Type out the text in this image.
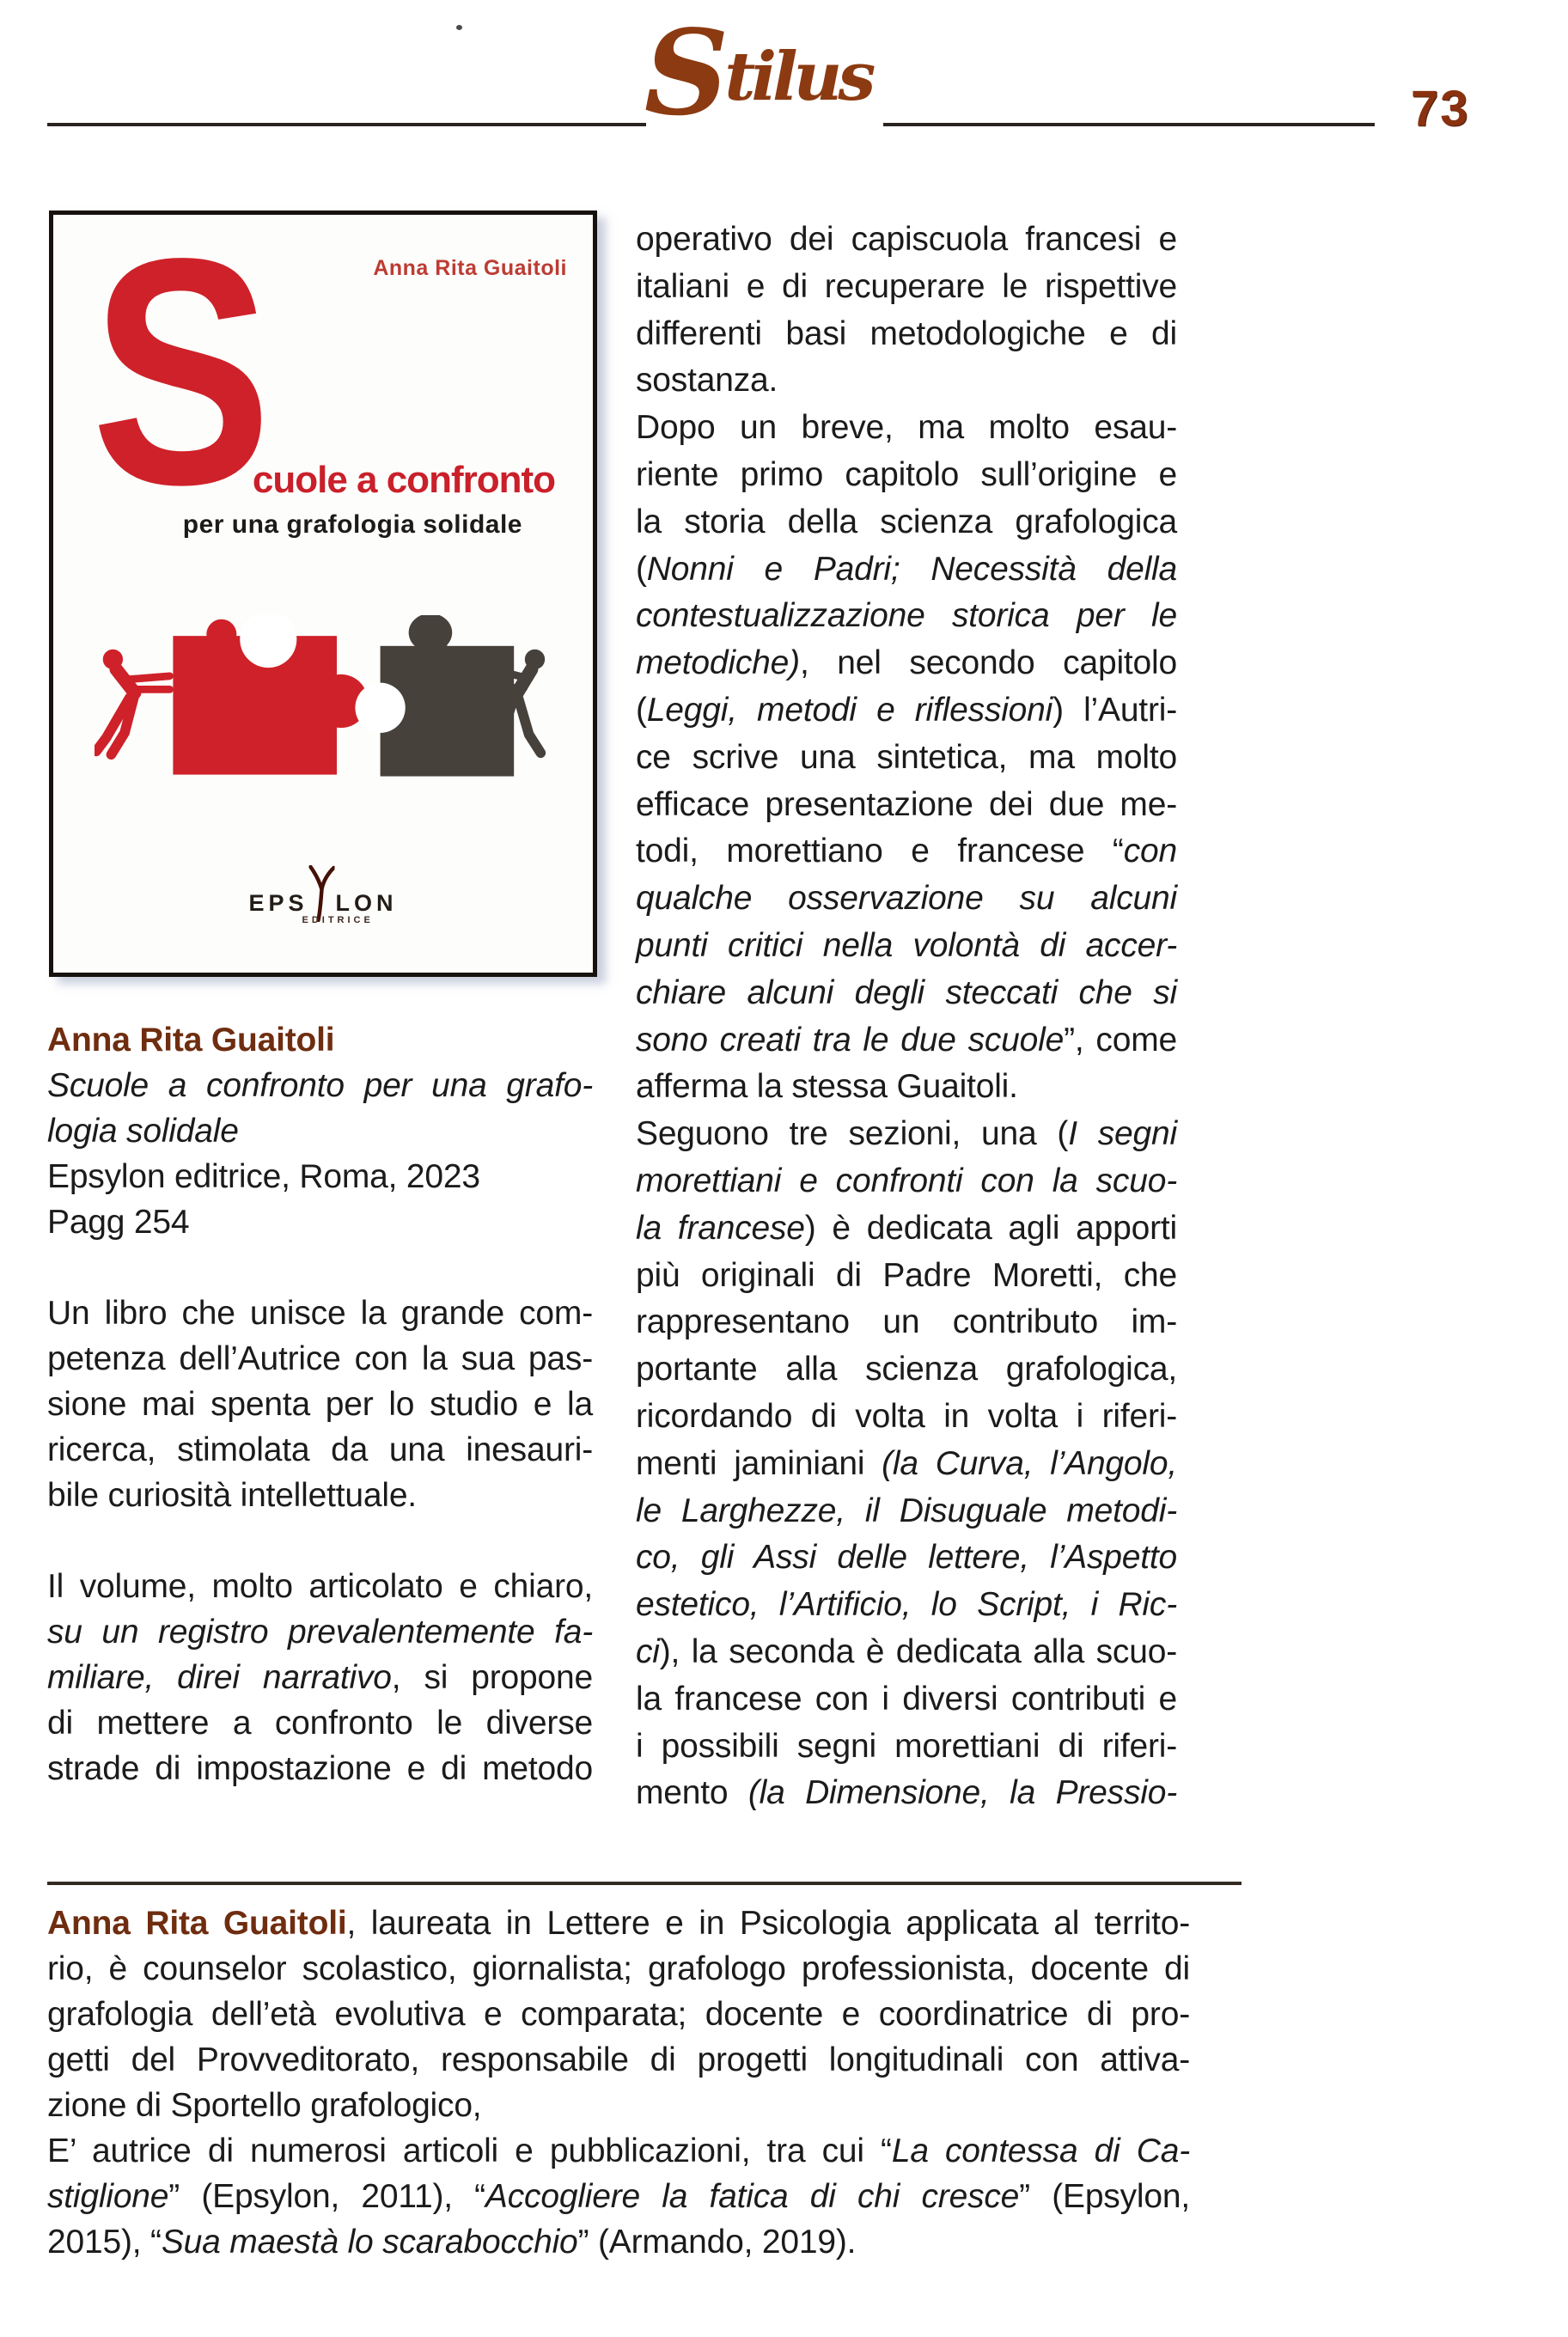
Stilus	73
Anna Rita Guaitoli
S
cuole a confronto
per una grafologia solidale
EPS LON
EDITRICE
Anna Rita Guaitoli
Scuole a confronto per una grafo-
logia solidale
Epsylon editrice, Roma, 2023
Pagg 254
Un libro che unisce la grande com-
petenza dell’Autrice con la sua pas-
sione mai spenta per lo studio e la
ricerca, stimolata da una inesauri-
bile curiosità intellettuale.
Il volume, molto articolato e chiaro,
su un registro prevalentemente fa-
miliare, direi narrativo, si propone
di mettere a confronto le diverse
strade di impostazione e di metodo
operativo dei capiscuola francesi e
italiani e di recuperare le rispettive
differenti basi metodologiche e di
sostanza.
Dopo un breve, ma molto esau-
riente primo capitolo sull’origine e
la storia della scienza grafologica
(Nonni e Padri; Necessità della
contestualizzazione storica per le
metodiche), nel secondo capitolo
(Leggi, metodi e riflessioni) l’Autri-
ce scrive una sintetica, ma molto
efficace presentazione dei due me-
todi, morettiano e francese “con
qualche osservazione su alcuni
punti critici nella volontà di accer-
chiare alcuni degli steccati che si
sono creati tra le due scuole”, come
afferma la stessa Guaitoli.
Seguono tre sezioni, una (I segni
morettiani e confronti con la scuo-
la francese) è dedicata agli apporti
più originali di Padre Moretti, che
rappresentano un contributo im-
portante alla scienza grafologica,
ricordando di volta in volta i riferi-
menti jaminiani (la Curva, l’Angolo,
le Larghezze, il Disuguale metodi-
co, gli Assi delle lettere, l’Aspetto
estetico, l’Artificio, lo Script, i Ric-
ci), la seconda è dedicata alla scuo-
la francese con i diversi contributi e
i possibili segni morettiani di riferi-
mento (la Dimensione, la Pressio-
Anna Rita Guaitoli, laureata in Lettere e in Psicologia applicata al territo-
rio, è counselor scolastico, giornalista; grafologo professionista, docente di
grafologia dell’età evolutiva e comparata; docente e coordinatrice di pro-
getti del Provveditorato, responsabile di progetti longitudinali con attiva-
zione di Sportello grafologico,
E’ autrice di numerosi articoli e pubblicazioni, tra cui “La contessa di Ca-
stiglione” (Epsylon, 2011), “Accogliere la fatica di chi cresce” (Epsylon,
2015), “Sua maestà lo scarabocchio” (Armando, 2019).
